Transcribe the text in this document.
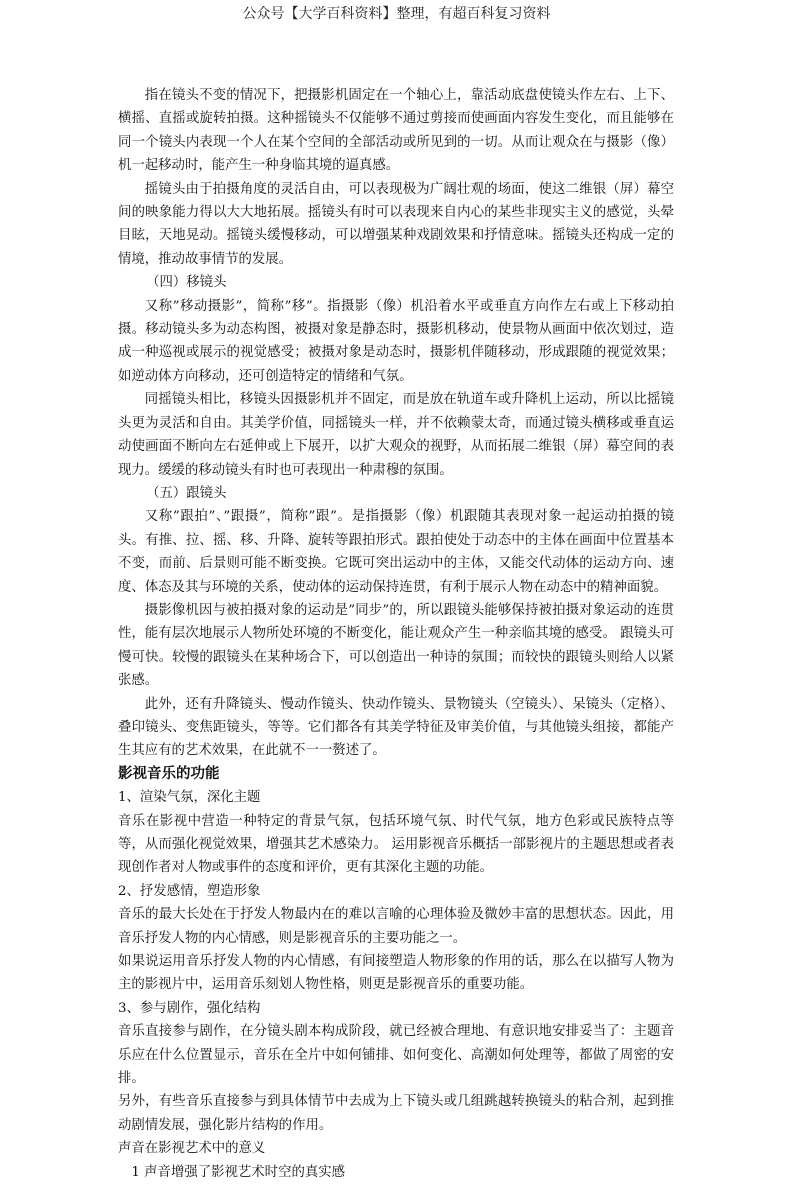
公众号【大学百科资料】整理，有超百科复习资料

指在镜头不变的情况下，把摄影机固定在一个轴心上，靠活动底盘使镜头作左右、上下、横摇、直摇或旋转拍摄。这种摇镜头不仅能够不通过剪接而使画面内容发生变化，而且能够在同一个镜头内表现一个人在某个空间的全部活动或所见到的一切。从而让观众在与摄影（像）机一起移动时，能产生一种身临其境的逼真感。

摇镜头由于拍摄角度的灵活自由，可以表现极为广阔壮观的场面，使这二维银（屏）幕空间的映象能力得以大大地拓展。摇镜头有时可以表现来自内心的某些非现实主义的感觉，头晕目眩，天地晃动。摇镜头缓慢移动，可以增强某种戏剧效果和抒情意味。摇镜头还构成一定的情境，推动故事情节的发展。

（四）移镜头

又称”移动摄影”，简称”移”。指摄影（像）机沿着水平或垂直方向作左右或上下移动拍摄。移动镜头多为动态构图，被摄对象是静态时，摄影机移动，使景物从画面中依次划过，造成一种巡视或展示的视觉感受；被摄对象是动态时，摄影机伴随移动，形成跟随的视觉效果；如逆动体方向移动，还可创造特定的情绪和气氛。

同摇镜头相比，移镜头因摄影机并不固定，而是放在轨道车或升降机上运动，所以比摇镜头更为灵活和自由。其美学价值，同摇镜头一样，并不依赖蒙太奇，而通过镜头横移或垂直运动使画面不断向左右延伸或上下展开，以扩大观众的视野，从而拓展二维银（屏）幕空间的表现力。缓缓的移动镜头有时也可表现出一种肃穆的氛围。

（五）跟镜头

又称”跟拍”、”跟摄”，简称”跟”。是指摄影（像）机跟随其表现对象一起运动拍摄的镜头。有推、拉、摇、移、升降、旋转等跟拍形式。跟拍使处于动态中的主体在画面中位置基本不变，而前、后景则可能不断变换。它既可突出运动中的主体，又能交代动体的运动方向、速度、体态及其与环境的关系，使动体的运动保持连贯，有利于展示人物在动态中的精神面貌。

摄影像机因与被拍摄对象的运动是”同步”的，所以跟镜头能够保持被拍摄对象运动的连贯性，能有层次地展示人物所处环境的不断变化，能让观众产生一种亲临其境的感受。 跟镜头可慢可快。较慢的跟镜头在某种场合下，可以创造出一种诗的氛围；而较快的跟镜头则给人以紧张感。

此外，还有升降镜头、慢动作镜头、快动作镜头、景物镜头（空镜头）、呆镜头（定格）、叠印镜头、变焦距镜头，等等。它们都各有其美学特征及审美价值，与其他镜头组接，都能产生其应有的艺术效果，在此就不一一赘述了。

影视音乐的功能

1、渲染气氛，深化主题

音乐在影视中营造一种特定的背景气氛，包括环境气氛、时代气氛，地方色彩或民族特点等等，从而强化视觉效果，增强其艺术感染力。 运用影视音乐概括一部影视片的主题思想或者表现创作者对人物或事件的态度和评价，更有其深化主题的功能。

2、抒发感情，塑造形象

音乐的最大长处在于抒发人物最内在的难以言喻的心理体验及微妙丰富的思想状态。因此，用音乐抒发人物的内心情感，则是影视音乐的主要功能之一。

如果说运用音乐抒发人物的内心情感，有间接塑造人物形象的作用的话，那么在以描写人物为主的影视片中，运用音乐刻划人物性格，则更是影视音乐的重要功能。

3、参与剧作，强化结构

音乐直接参与剧作，在分镜头剧本构成阶段，就已经被合理地、有意识地安排妥当了：主题音乐应在什么位置显示，音乐在全片中如何铺排、如何变化、高潮如何处理等，都做了周密的安排。

另外，有些音乐直接参与到具体情节中去成为上下镜头或几组跳越转换镜头的粘合剂，起到推动剧情发展，强化影片结构的作用。

声音在影视艺术中的意义

1 声音增强了影视艺术时空的真实感
